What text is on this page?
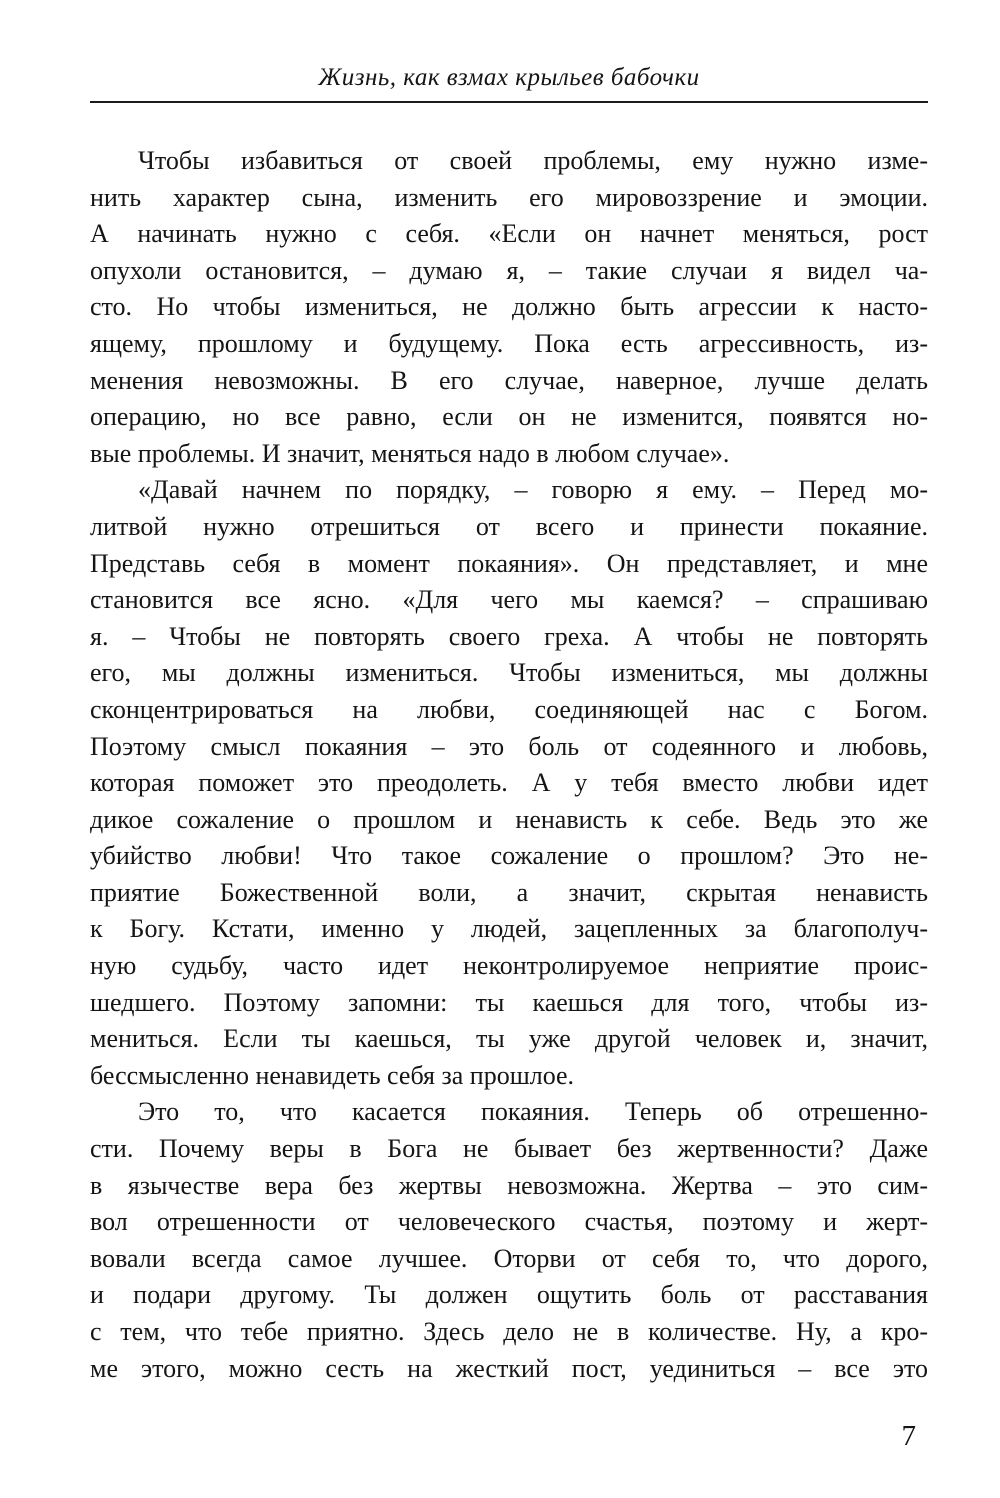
Жизнь, как взмах крыльев бабочки
Чтобы избавиться от своей проблемы, ему нужно изме-
нить характер сына, изменить его мировоззрение и эмоции.
А начинать нужно с себя. «Если он начнет меняться, рост
опухоли остановится, – думаю я, – такие случаи я видел ча-
сто. Но чтобы измениться, не должно быть агрессии к насто-
ящему, прошлому и будущему. Пока есть агрессивность, из-
менения невозможны. В его случае, наверное, лучше делать
операцию, но все равно, если он не изменится, появятся но-
вые проблемы. И значит, меняться надо в любом случае».
«Давай начнем по порядку, – говорю я ему. – Перед мо-
литвой нужно отрешиться от всего и принести покаяние.
Представь себя в момент покаяния». Он представляет, и мне
становится все ясно. «Для чего мы каемся? – спрашиваю
я. – Чтобы не повторять своего греха. А чтобы не повторять
его, мы должны измениться. Чтобы измениться, мы должны
сконцентрироваться на любви, соединяющей нас с Богом.
Поэтому смысл покаяния – это боль от содеянного и любовь,
которая поможет это преодолеть. А у тебя вместо любви идет
дикое сожаление о прошлом и ненависть к себе. Ведь это же
убийство любви! Что такое сожаление о прошлом? Это не-
приятие Божественной воли, а значит, скрытая ненависть
к Богу. Кстати, именно у людей, зацепленных за благополуч-
ную судьбу, часто идет неконтролируемое неприятие проис-
шедшего. Поэтому запомни: ты каешься для того, чтобы из-
мениться. Если ты каешься, ты уже другой человек и, значит,
бессмысленно ненавидеть себя за прошлое.
Это то, что касается покаяния. Теперь об отрешенно-
сти. Почему веры в Бога не бывает без жертвенности? Даже
в язычестве вера без жертвы невозможна. Жертва – это сим-
вол отрешенности от человеческого счастья, поэтому и жерт-
вовали всегда самое лучшее. Оторви от себя то, что дорого,
и подари другому. Ты должен ощутить боль от расставания
с тем, что тебе приятно. Здесь дело не в количестве. Ну, а кро-
ме этого, можно сесть на жесткий пост, уединиться – все это
7
